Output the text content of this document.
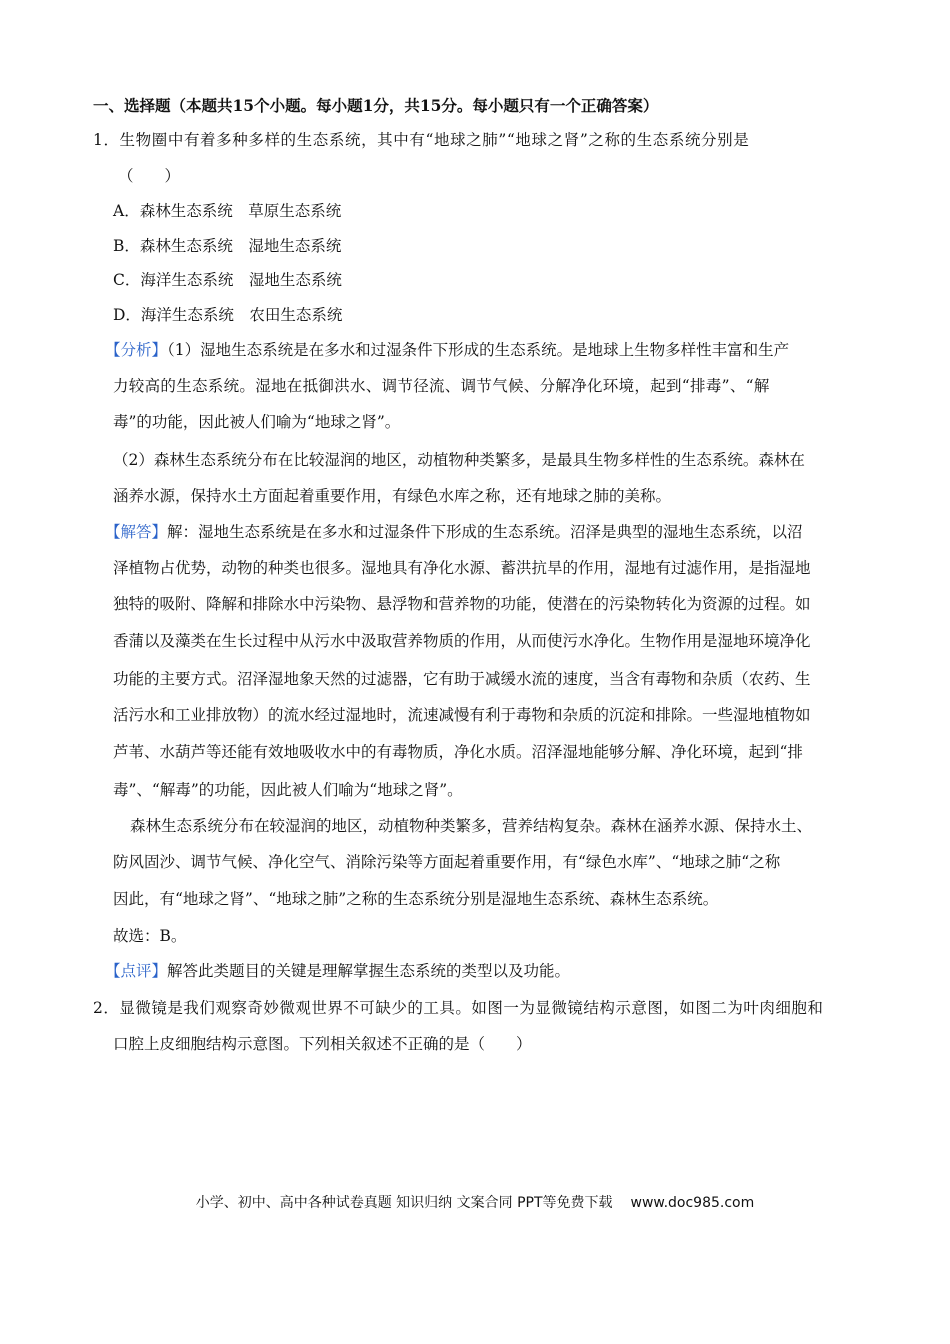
一、选择题（本题共15个小题。每小题1分，共15分。每小题只有一个正确答案）
1．生物圈中有着多种多样的生态系统，其中有“地球之肺”“地球之肾”之称的生态系统分别是
（　　）
A．森林生态系统　草原生态系统
B．森林生态系统　湿地生态系统
C．海洋生态系统　湿地生态系统
D．海洋生态系统　农田生态系统
【分析】（1）湿地生态系统是在多水和过湿条件下形成的生态系统。是地球上生物多样性丰富和生产
力较高的生态系统。湿地在抵御洪水、调节径流、调节气候、分解净化环境，起到“排毒”、“解
毒”的功能，因此被人们喻为“地球之肾”。
（2）森林生态系统分布在比较湿润的地区，动植物种类繁多，是最具生物多样性的生态系统。森林在
涵养水源，保持水土方面起着重要作用，有绿色水库之称，还有地球之肺的美称。
【解答】解：湿地生态系统是在多水和过湿条件下形成的生态系统。沼泽是典型的湿地生态系统，以沼
泽植物占优势，动物的种类也很多。湿地具有净化水源、蓄洪抗旱的作用，湿地有过滤作用，是指湿地
独特的吸附、降解和排除水中污染物、悬浮物和营养物的功能，使潜在的污染物转化为资源的过程。如
香蒲以及藻类在生长过程中从污水中汲取营养物质的作用，从而使污水净化。生物作用是湿地环境净化
功能的主要方式。沼泽湿地象天然的过滤器，它有助于减缓水流的速度，当含有毒物和杂质（农药、生
活污水和工业排放物）的流水经过湿地时，流速减慢有利于毒物和杂质的沉淀和排除。一些湿地植物如
芦苇、水葫芦等还能有效地吸收水中的有毒物质，净化水质。沼泽湿地能够分解、净化环境，起到“排
毒”、“解毒”的功能，因此被人们喻为“地球之肾”。
森林生态系统分布在较湿润的地区，动植物种类繁多，营养结构复杂。森林在涵养水源、保持水土、
防风固沙、调节气候、净化空气、消除污染等方面起着重要作用，有“绿色水库”、“地球之肺“之称
因此，有“地球之肾”、“地球之肺”之称的生态系统分别是湿地生态系统、森林生态系统。
故选：B。
【点评】解答此类题目的关键是理解掌握生态系统的类型以及功能。
2．显微镜是我们观察奇妙微观世界不可缺少的工具。如图一为显微镜结构示意图，如图二为叶肉细胞和
口腔上皮细胞结构示意图。下列相关叙述不正确的是（　　）
小学、初中、高中各种试卷真题 知识归纳 文案合同 PPT等免费下载 www.doc985.com
